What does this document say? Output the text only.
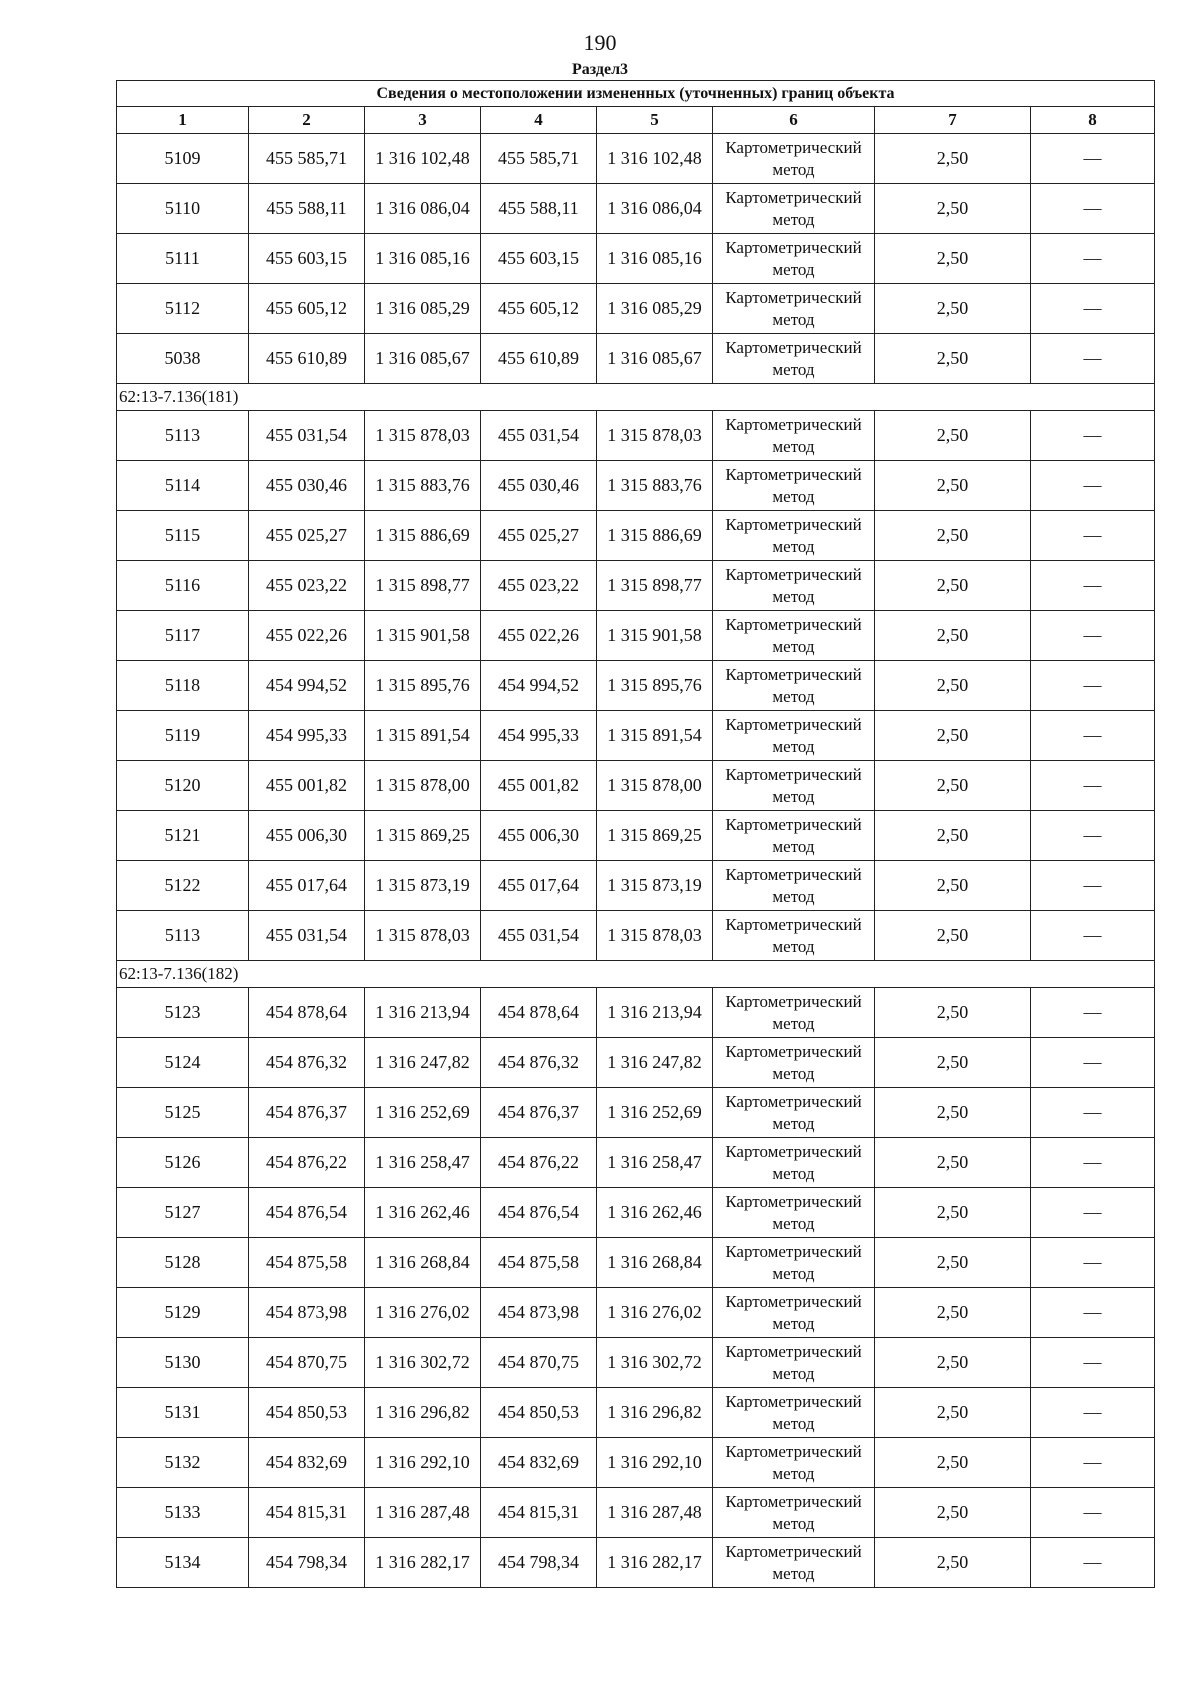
190
Раздел3
Сведения о местоположении измененных (уточненных) границ объекта							
1	2	3	4	5	6	7	8
5109	455 585,71	1 316 102,48	455 585,71	1 316 102,48	Картометрический метод	2,50	—
5110	455 588,11	1 316 086,04	455 588,11	1 316 086,04	Картометрический метод	2,50	—
5111	455 603,15	1 316 085,16	455 603,15	1 316 085,16	Картометрический метод	2,50	—
5112	455 605,12	1 316 085,29	455 605,12	1 316 085,29	Картометрический метод	2,50	—
5038	455 610,89	1 316 085,67	455 610,89	1 316 085,67	Картометрический метод	2,50	—
62:13-7.136(181)							
5113	455 031,54	1 315 878,03	455 031,54	1 315 878,03	Картометрический метод	2,50	—
5114	455 030,46	1 315 883,76	455 030,46	1 315 883,76	Картометрический метод	2,50	—
5115	455 025,27	1 315 886,69	455 025,27	1 315 886,69	Картометрический метод	2,50	—
5116	455 023,22	1 315 898,77	455 023,22	1 315 898,77	Картометрический метод	2,50	—
5117	455 022,26	1 315 901,58	455 022,26	1 315 901,58	Картометрический метод	2,50	—
5118	454 994,52	1 315 895,76	454 994,52	1 315 895,76	Картометрический метод	2,50	—
5119	454 995,33	1 315 891,54	454 995,33	1 315 891,54	Картометрический метод	2,50	—
5120	455 001,82	1 315 878,00	455 001,82	1 315 878,00	Картометрический метод	2,50	—
5121	455 006,30	1 315 869,25	455 006,30	1 315 869,25	Картометрический метод	2,50	—
5122	455 017,64	1 315 873,19	455 017,64	1 315 873,19	Картометрический метод	2,50	—
5113	455 031,54	1 315 878,03	455 031,54	1 315 878,03	Картометрический метод	2,50	—
62:13-7.136(182)							
5123	454 878,64	1 316 213,94	454 878,64	1 316 213,94	Картометрический метод	2,50	—
5124	454 876,32	1 316 247,82	454 876,32	1 316 247,82	Картометрический метод	2,50	—
5125	454 876,37	1 316 252,69	454 876,37	1 316 252,69	Картометрический метод	2,50	—
5126	454 876,22	1 316 258,47	454 876,22	1 316 258,47	Картометрический метод	2,50	—
5127	454 876,54	1 316 262,46	454 876,54	1 316 262,46	Картометрический метод	2,50	—
5128	454 875,58	1 316 268,84	454 875,58	1 316 268,84	Картометрический метод	2,50	—
5129	454 873,98	1 316 276,02	454 873,98	1 316 276,02	Картометрический метод	2,50	—
5130	454 870,75	1 316 302,72	454 870,75	1 316 302,72	Картометрический метод	2,50	—
5131	454 850,53	1 316 296,82	454 850,53	1 316 296,82	Картометрический метод	2,50	—
5132	454 832,69	1 316 292,10	454 832,69	1 316 292,10	Картометрический метод	2,50	—
5133	454 815,31	1 316 287,48	454 815,31	1 316 287,48	Картометрический метод	2,50	—
5134	454 798,34	1 316 282,17	454 798,34	1 316 282,17	Картометрический метод	2,50	—
